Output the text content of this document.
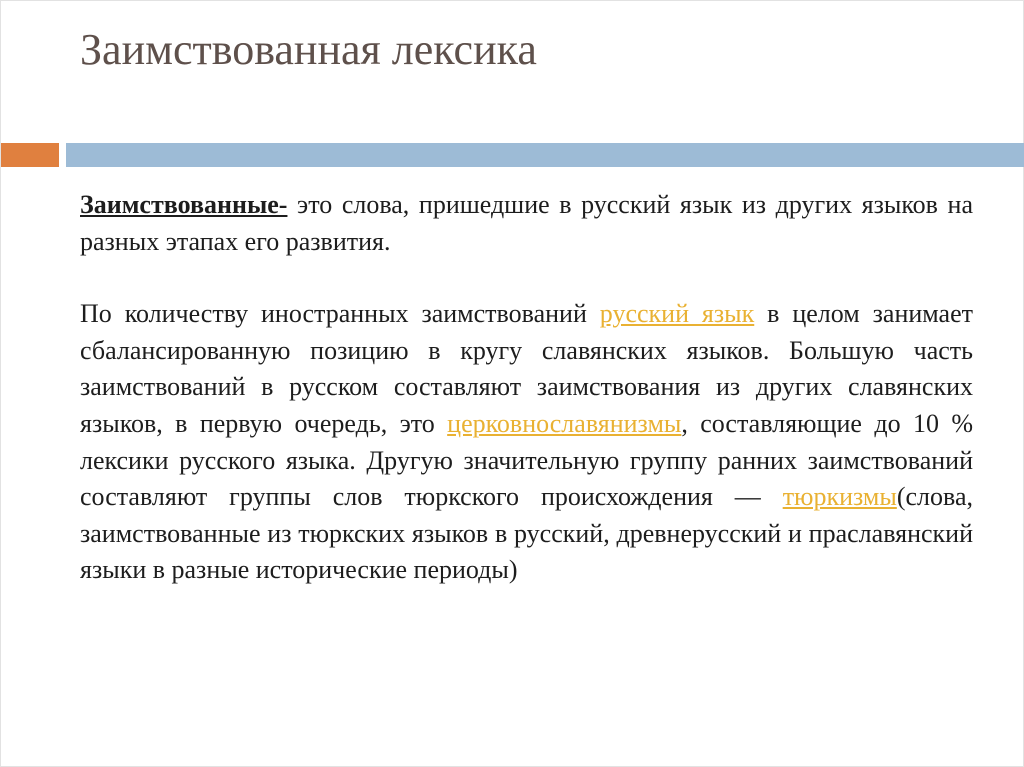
Заимствованная лексика

Заимствованные- это слова, пришедшие в русский язык из других языков на разных этапах его развития.

По количеству иностранных заимствований русский язык в целом занимает сбалансированную позицию в кругу славянских языков. Большую часть заимствований в русском составляют заимствования из других славянских языков, в первую очередь, это церковнославянизмы, составляющие до 10 % лексики русского языка. Другую значительную группу ранних заимствований составляют группы слов тюркского происхождения — тюркизмы(слова, заимствованные из тюркских языков в русский, древнерусский и праславянский языки в разные исторические периоды)
